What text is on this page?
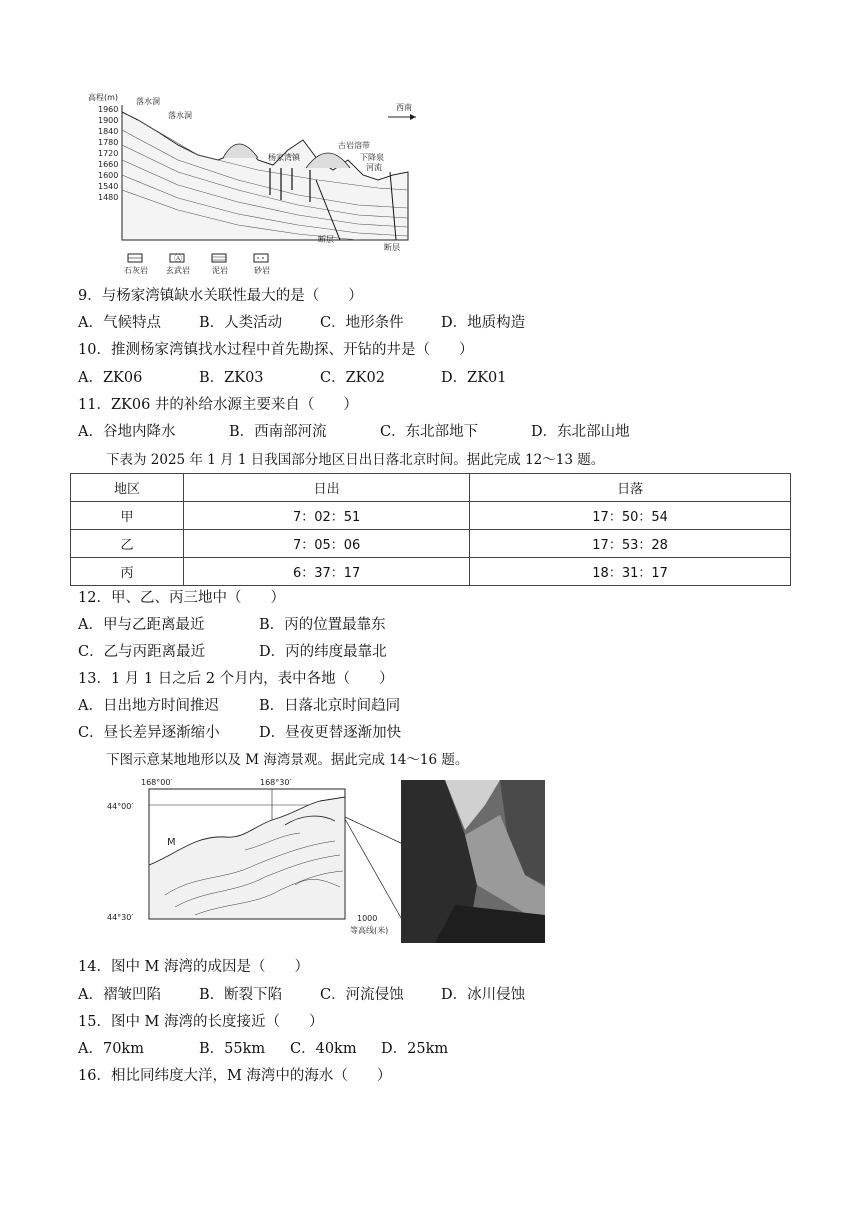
高程(m)
1960
1900
1840
1780
1720
1660
1600
1540
1480
西南
落水洞
落水洞
杨家湾镇
古岩溶带
下降泉
河流
断层
断层
Ⓐ
石灰岩 玄武岩	泥岩	砂岩
9．与杨家湾镇缺水关联性最大的是（　　）
A．气候特点	B．人类活动	C．地形条件	D．地质构造
10．推测杨家湾镇找水过程中首先勘探、开钻的井是（　　）
A．ZK06	B．ZK03	C．ZK02	D．ZK01
11．ZK06 井的补给水源主要来自（　　）
A．谷地内降水	B．西南部河流	C．东北部地下	D．东北部山地
下表为 2025 年 1 月 1 日我国部分地区日出日落北京时间。据此完成 12～13 题。
地区	日出	日落
甲	7：02：51	17：50：54
乙	7：05：06	17：53：28
丙	6：37：17	18：31：17
12．甲、乙、丙三地中（　　）
A．甲与乙距离最近	B．丙的位置最靠东
C．乙与丙距离最近	D．丙的纬度最靠北
13．1 月 1 日之后 2 个月内，表中各地（　　）
A．日出地方时间推迟	B．日落北京时间趋同
C．昼长差异逐渐缩小	D．昼夜更替逐渐加快
下图示意某地地形以及 M 海湾景观。据此完成 14～16 题。
168°00′	168°30′
44°00′
44°30′
M
1000
等高线(米)
14．图中 M 海湾的成因是（　　）
A．褶皱凹陷	B．断裂下陷	C．河流侵蚀	D．冰川侵蚀
15．图中 M 海湾的长度接近（　　）
A．70km	B．55km C．40km D．25km
16．相比同纬度大洋，M 海湾中的海水（　　）
